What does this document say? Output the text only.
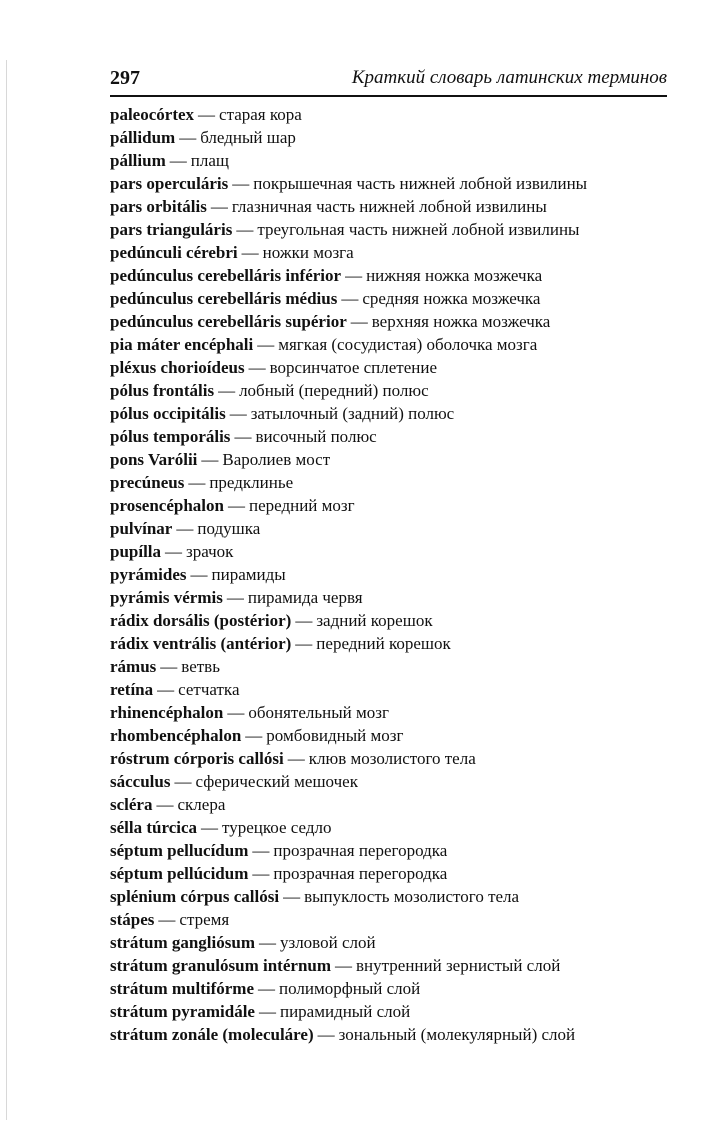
297	Краткий словарь латинских терминов
paleocórtex — старая кора
pállidum — бледный шар
pállium — плащ
pars operculáris — покрышечная часть нижней лобной извилины
pars orbitális — глазничная часть нижней лобной извилины
pars trianguláris — треугольная часть нижней лобной извилины
pedúnculi cérebri — ножки мозга
pedúnculus cerebelláris inférior — нижняя ножка мозжечка
pedúnculus cerebelláris médius — средняя ножка мозжечка
pedúnculus cerebelláris supérior — верхняя ножка мозжечка
pia máter encéphali — мягкая (сосудистая) оболочка мозга
pléxus chorioídeus — ворсинчатое сплетение
pólus frontális — лобный (передний) полюс
pólus occipitális — затылочный (задний) полюс
pólus temporális — височный полюс
pons Varólii — Варолиев мост
precúneus — предклинье
prosencéphalon — передний мозг
pulvínar — подушка
pupílla — зрачок
pyrámides — пирамиды
pyrámis vérmis — пирамида червя
rádix dorsális (postérior) — задний корешок
rádix ventrális (antérior) — передний корешок
rámus — ветвь
retína — сетчатка
rhinencéphalon — обонятельный мозг
rhombencéphalon — ромбовидный мозг
róstrum córporis callósi — клюв мозолистого тела
sácculus — сферический мешочек
scléra — склера
sélla túrcica — турецкое седло
séptum pellucídum — прозрачная перегородка
séptum pellúcidum — прозрачная перегородка
splénium córpus callósi — выпуклость мозолистого тела
stápes — стремя
strátum gangliósum — узловой слой
strátum granulósum intérnum — внутренний зернистый слой
strátum multifórme — полиморфный слой
strátum pyramidále — пирамидный слой
strátum zonále (moleculáre) — зональный (молекулярный) слой
